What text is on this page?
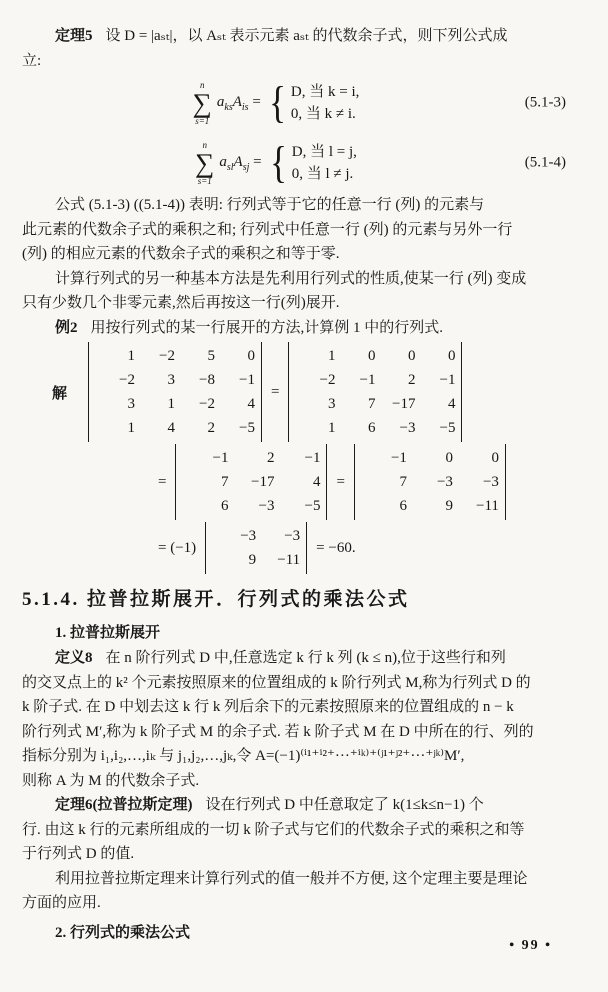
定理5 设 D = |aₛₜ|，以 Aₛₜ 表示元素 aₛₜ 的代数余子式，则下列公式成
立:
n
∑
s=1
$a_{ks}A_{is}$ = { D, 当 k = i,
0, 当 k ≠ i.
(5.1-3)
n
∑
s=1
$a_{sl}A_{sj}$ = { D, 当 l = j,
0, 当 l ≠ j.
(5.1-4)
公式 (5.1-3) ((5.1-4)) 表明: 行列式等于它的任意一行 (列) 的元素与
此元素的代数余子式的乘积之和; 行列式中任意一行 (列) 的元素与另外一行
(列) 的相应元素的代数余子式的乘积之和等于零.
计算行列式的另一种基本方法是先利用行列式的性质,使某一行 (列) 变成
只有少数几个非零元素,然后再按这一行(列)展开.
例2 用按行列式的某一行展开的方法,计算例 1 中的行列式.
解
1	−2	5	0
−2	3	−8	−1
3	1	−2	4
1	4	2	−5
=
1	0	0	0
−2	−1	2	−1
3	7	−17	4
1	6	−3	−5
=
−1	2	−1
7	−17	4
6	−3	−5
=
−1	0	0
7	−3	−3
6	9	−11
= (−1)
−3	−3
9	−11
= −60.
5.1.4. 拉普拉斯展开．行列式的乘法公式
1. 拉普拉斯展开
定义8 在 n 阶行列式 D 中,任意选定 k 行 k 列 (k ≤ n),位于这些行和列
的交叉点上的 k² 个元素按照原来的位置组成的 k 阶行列式 M,称为行列式 D 的
k 阶子式. 在 D 中划去这 k 行 k 列后余下的元素按照原来的位置组成的 n − k
阶行列式 M′,称为 k 阶子式 M 的余子式. 若 k 阶子式 M 在 D 中所在的行、列的
指标分别为 i₁,i₂,…,iₖ 与 j₁,j₂,…,jₖ,令 A=(−1)⁽ⁱ¹⁺ⁱ²⁺···⁺ⁱᵏ⁾⁺⁽ʲ¹⁺ʲ²⁺···⁺ʲᵏ⁾M′,
则称 A 为 M 的代数余子式.
定理6(拉普拉斯定理) 设在行列式 D 中任意取定了 k(1≤k≤n−1) 个
行. 由这 k 行的元素所组成的一切 k 阶子式与它们的代数余子式的乘积之和等
于行列式 D 的值.
利用拉普拉斯定理来计算行列式的值一般并不方便, 这个定理主要是理论
方面的应用.
2. 行列式的乘法公式
• 99 •
